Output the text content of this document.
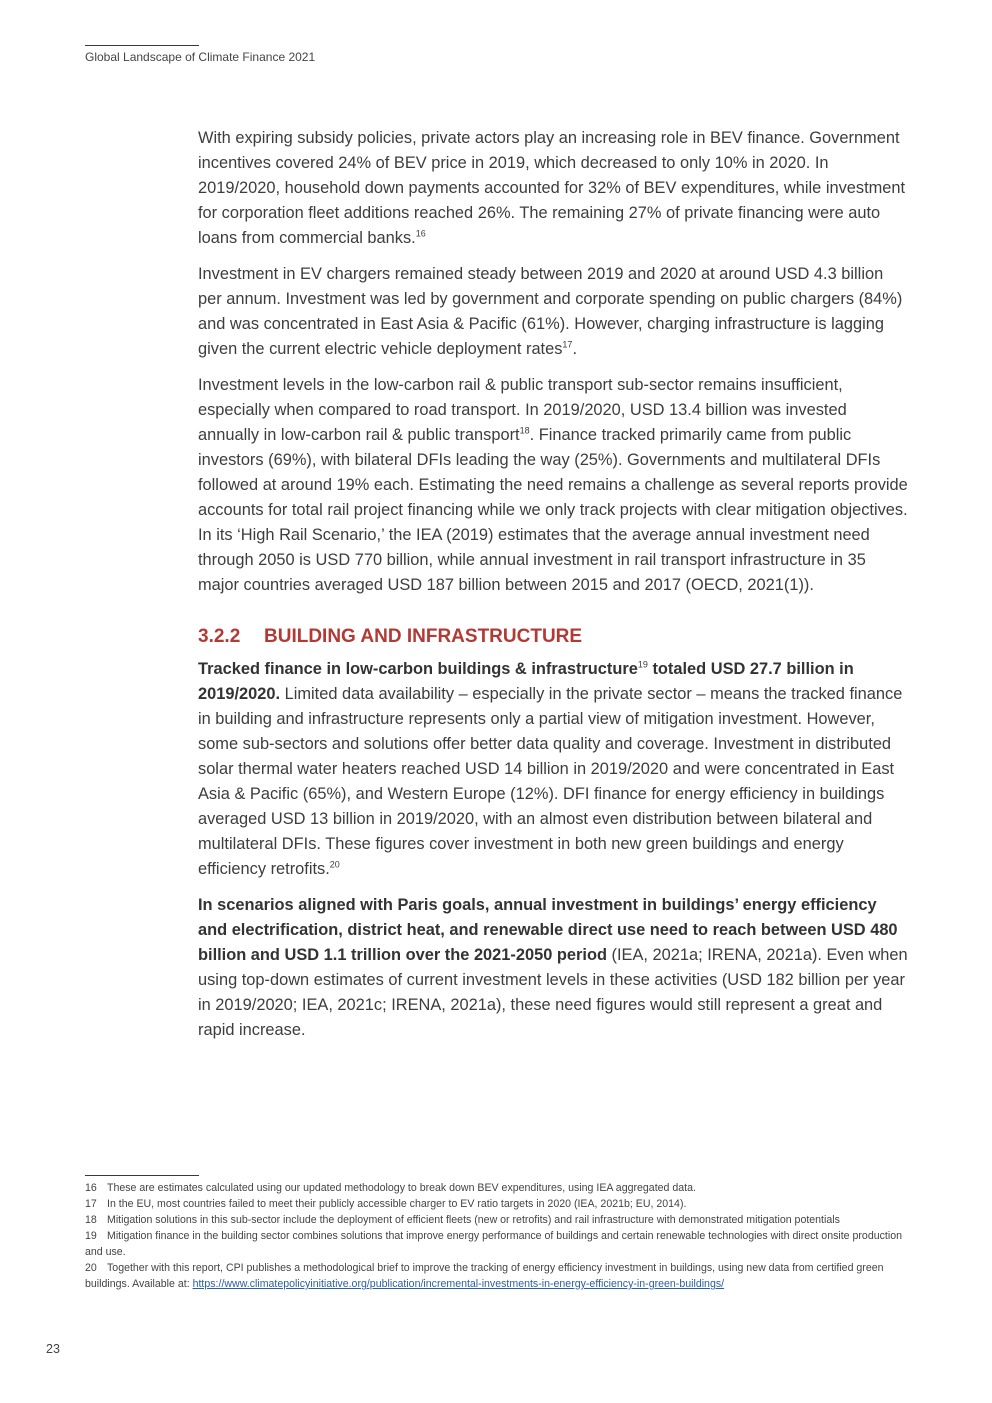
Global Landscape of Climate Finance 2021

With expiring subsidy policies, private actors play an increasing role in BEV finance. Government incentives covered 24% of BEV price in 2019, which decreased to only 10% in 2020. In 2019/2020, household down payments accounted for 32% of BEV expenditures, while investment for corporation fleet additions reached 26%. The remaining 27% of private financing were auto loans from commercial banks.$^{16}$

Investment in EV chargers remained steady between 2019 and 2020 at around USD 4.3 billion per annum. Investment was led by government and corporate spending on public chargers (84%) and was concentrated in East Asia & Pacific (61%). However, charging infrastructure is lagging given the current electric vehicle deployment rates$^{17}$.

Investment levels in the low-carbon rail & public transport sub-sector remains insufficient, especially when compared to road transport. In 2019/2020, USD 13.4 billion was invested annually in low-carbon rail & public transport$^{18}$. Finance tracked primarily came from public investors (69%), with bilateral DFIs leading the way (25%). Governments and multilateral DFIs followed at around 19% each. Estimating the need remains a challenge as several reports provide accounts for total rail project financing while we only track projects with clear mitigation objectives. In its ‘High Rail Scenario,’ the IEA (2019) estimates that the average annual investment need through 2050 is USD 770 billion, while annual investment in rail transport infrastructure in 35 major countries averaged USD 187 billion between 2015 and 2017 (OECD, 2021(1)).

3.2.2 BUILDING AND INFRASTRUCTURE

Tracked finance in low-carbon buildings & infrastructure$^{19}$ totaled USD 27.7 billion in 2019/2020. Limited data availability – especially in the private sector – means the tracked finance in building and infrastructure represents only a partial view of mitigation investment. However, some sub-sectors and solutions offer better data quality and coverage. Investment in distributed solar thermal water heaters reached USD 14 billion in 2019/2020 and were concentrated in East Asia & Pacific (65%), and Western Europe (12%). DFI finance for energy efficiency in buildings averaged USD 13 billion in 2019/2020, with an almost even distribution between bilateral and multilateral DFIs. These figures cover investment in both new green buildings and energy efficiency retrofits.$^{20}$

In scenarios aligned with Paris goals, annual investment in buildings’ energy efficiency and electrification, district heat, and renewable direct use need to reach between USD 480 billion and USD 1.1 trillion over the 2021-2050 period (IEA, 2021a; IRENA, 2021a). Even when using top-down estimates of current investment levels in these activities (USD 182 billion per year in 2019/2020; IEA, 2021c; IRENA, 2021a), these need figures would still represent a great and rapid increase.

16 These are estimates calculated using our updated methodology to break down BEV expenditures, using IEA aggregated data.

17 In the EU, most countries failed to meet their publicly accessible charger to EV ratio targets in 2020 (IEA, 2021b; EU, 2014).

18 Mitigation solutions in this sub-sector include the deployment of efficient fleets (new or retrofits) and rail infrastructure with demonstrated mitigation potentials

19 Mitigation finance in the building sector combines solutions that improve energy performance of buildings and certain renewable technologies with direct onsite production and use.

20 Together with this report, CPI publishes a methodological brief to improve the tracking of energy efficiency investment in buildings, using new data from certified green buildings. Available at: https://www.climatepolicyinitiative.org/publication/incremental-investments-in-energy-efficiency-in-green-buildings/

23
